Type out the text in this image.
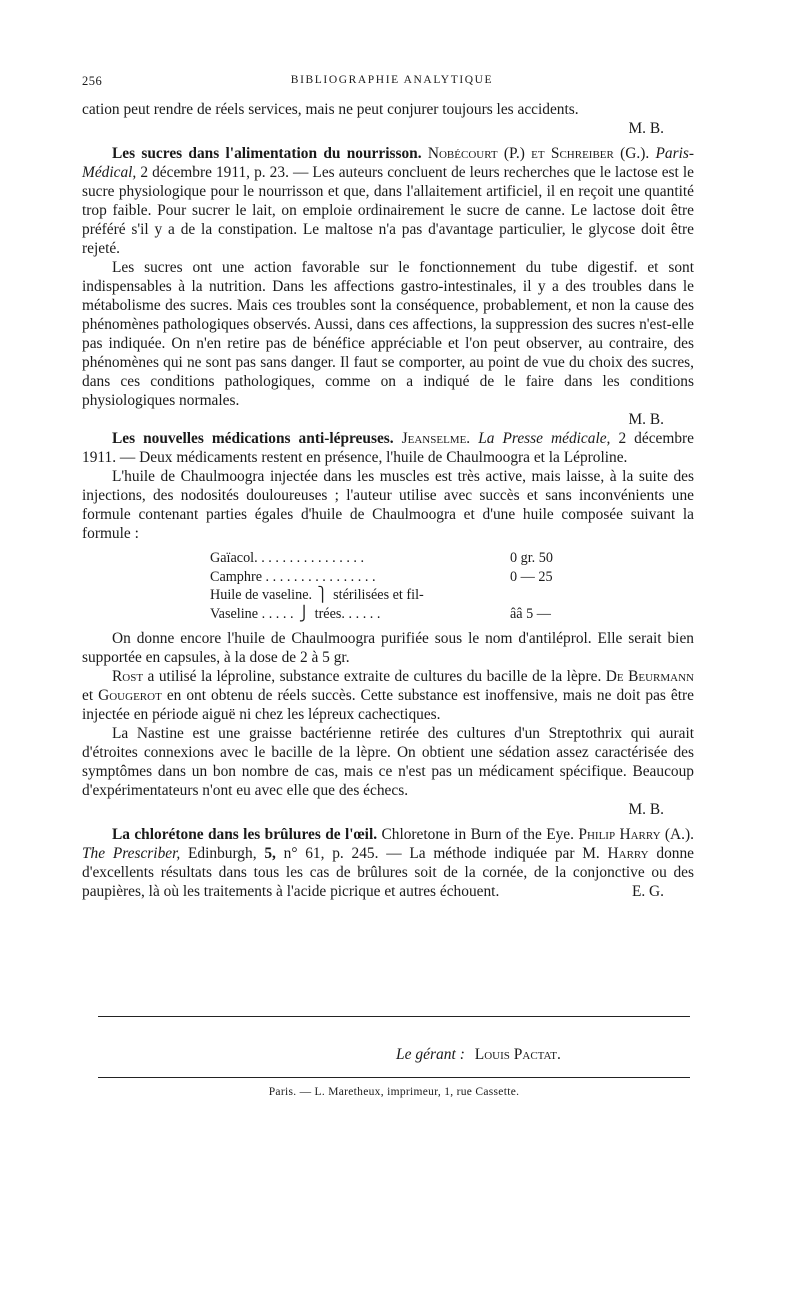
256	BIBLIOGRAPHIE ANALYTIQUE

cation peut rendre de réels services, mais ne peut conjurer toujours les accidents.

M. B.

Les sucres dans l'alimentation du nourrisson. Nobécourt (P.) et Schreiber (G.). Paris-Médical, 2 décembre 1911, p. 23. — Les auteurs concluent de leurs recherches que le lactose est le sucre physiologique pour le nourrisson et que, dans l'allaitement artificiel, il en reçoit une quantité trop faible. Pour sucrer le lait, on emploie ordinairement le sucre de canne. Le lactose doit être préféré s'il y a de la constipation. Le maltose n'a pas d'avantage particulier, le glycose doit être rejeté.

Les sucres ont une action favorable sur le fonctionnement du tube digestif. et sont indispensables à la nutrition. Dans les affections gastro-intestinales, il y a des troubles dans le métabolisme des sucres. Mais ces troubles sont la conséquence, probablement, et non la cause des phénomènes pathologiques observés. Aussi, dans ces affections, la suppression des sucres n'est-elle pas indiquée. On n'en retire pas de bénéfice appréciable et l'on peut observer, au contraire, des phénomènes qui ne sont pas sans danger. Il faut se comporter, au point de vue du choix des sucres, dans ces conditions pathologiques, comme on a indiqué de le faire dans les conditions physiologiques normales.

M. B.

Les nouvelles médications anti-lépreuses. Jeanselme. La Presse médicale, 2 décembre 1911. — Deux médicaments restent en présence, l'huile de Chaulmoogra et la Léproline.

L'huile de Chaulmoogra injectée dans les muscles est très active, mais laisse, à la suite des injections, des nodosités douloureuses ; l'auteur utilise avec succès et sans inconvénients une formule contenant parties égales d'huile de Chaulmoogra et d'une huile composée suivant la formule :

Gaïacol. . . . . . . . . . . . . . . .	0 gr. 50
Camphre . . . . . . . . . . . . . . . .	0 — 25
Huile de vaseline. ⎫ stérilisées et fil-
Vaseline . . . . . ⎭ trées. . . . . .	ââ 5 —

On donne encore l'huile de Chaulmoogra purifiée sous le nom d'antiléprol. Elle serait bien supportée en capsules, à la dose de 2 à 5 gr.

Rost a utilisé la léproline, substance extraite de cultures du bacille de la lèpre. De Beurmann et Gougerot en ont obtenu de réels succès. Cette substance est inoffensive, mais ne doit pas être injectée en période aiguë ni chez les lépreux cachectiques.

La Nastine est une graisse bactérienne retirée des cultures d'un Streptothrix qui aurait d'étroites connexions avec le bacille de la lèpre. On obtient une sédation assez caractérisée des symptômes dans un bon nombre de cas, mais ce n'est pas un médicament spécifique. Beaucoup d'expérimentateurs n'ont eu avec elle que des échecs.

M. B.

La chlorétone dans les brûlures de l'œil. Chloretone in Burn of the Eye. Philip Harry (A.). The Prescriber, Edinburgh, 5, n° 61, p. 245. — La méthode indiquée par M. Harry donne d'excellents résultats dans tous les cas de brûlures soit de la cornée, de la conjonctive ou des paupières, là où les traitements à l'acide picrique et autres échouent.	E. G.

Le gérant : Louis Pactat.
Paris. — L. Maretheux, imprimeur, 1, rue Cassette.
